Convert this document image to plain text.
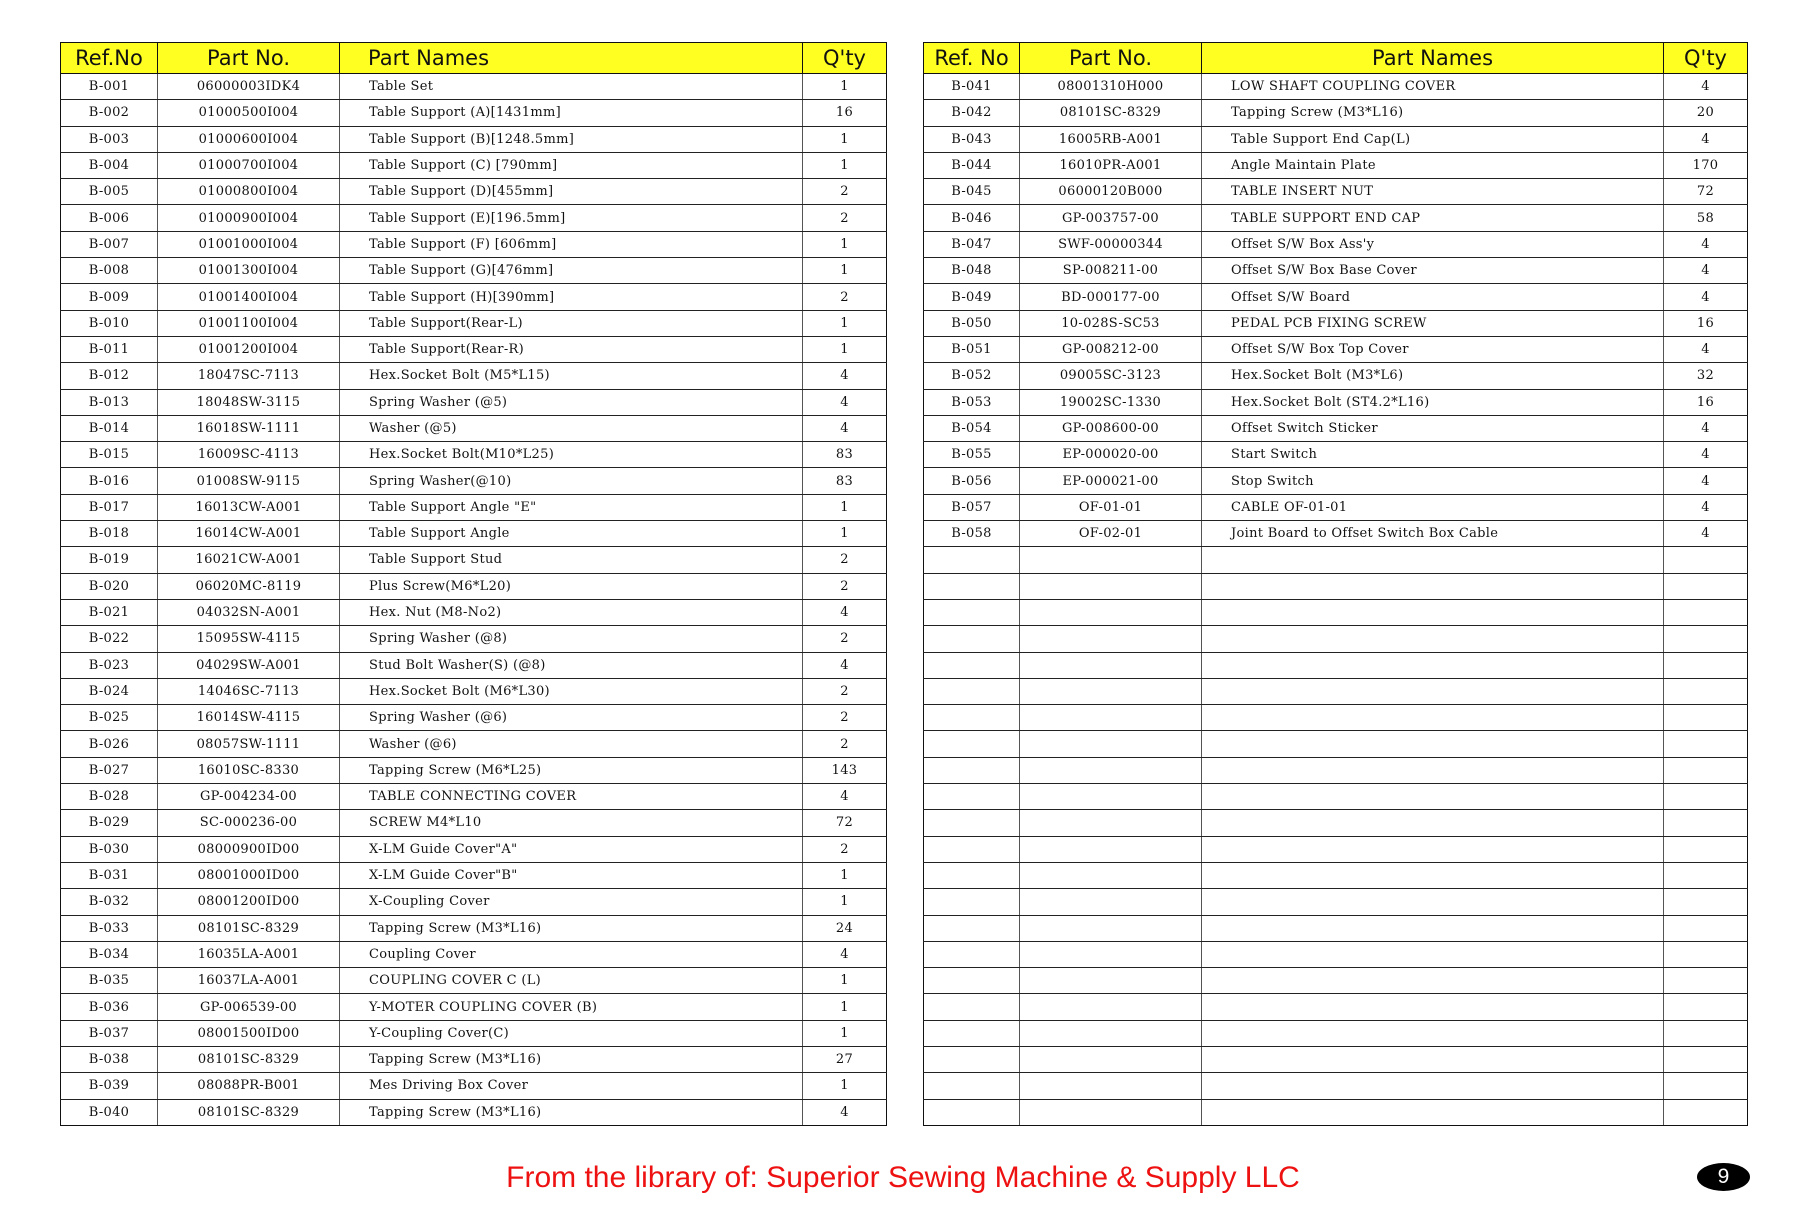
Ref.No	Part No.	Part Names	Q'ty
B-001	06000003IDK4	Table Set	1
B-002	01000500I004	Table Support (A)[1431mm]	16
B-003	01000600I004	Table Support (B)[1248.5mm]	1
B-004	01000700I004	Table Support (C) [790mm]	1
B-005	01000800I004	Table Support (D)[455mm]	2
B-006	01000900I004	Table Support (E)[196.5mm]	2
B-007	01001000I004	Table Support (F) [606mm]	1
B-008	01001300I004	Table Support (G)[476mm]	1
B-009	01001400I004	Table Support (H)[390mm]	2
B-010	01001100I004	Table Support(Rear-L)	1
B-011	01001200I004	Table Support(Rear-R)	1
B-012	18047SC-7113	Hex.Socket Bolt (M5*L15)	4
B-013	18048SW-3115	Spring Washer (@5)	4
B-014	16018SW-1111	Washer (@5)	4
B-015	16009SC-4113	Hex.Socket Bolt(M10*L25)	83
B-016	01008SW-9115	Spring Washer(@10)	83
B-017	16013CW-A001	Table Support Angle "E"	1
B-018	16014CW-A001	Table Support Angle	1
B-019	16021CW-A001	Table Support Stud	2
B-020	06020MC-8119	Plus Screw(M6*L20)	2
B-021	04032SN-A001	Hex. Nut (M8-No2)	4
B-022	15095SW-4115	Spring Washer (@8)	2
B-023	04029SW-A001	Stud Bolt Washer(S) (@8)	4
B-024	14046SC-7113	Hex.Socket Bolt (M6*L30)	2
B-025	16014SW-4115	Spring Washer (@6)	2
B-026	08057SW-1111	Washer (@6)	2
B-027	16010SC-8330	Tapping Screw (M6*L25)	143
B-028	GP-004234-00	TABLE CONNECTING COVER	4
B-029	SC-000236-00	SCREW M4*L10	72
B-030	08000900ID00	X-LM Guide Cover"A"	2
B-031	08001000ID00	X-LM Guide Cover"B"	1
B-032	08001200ID00	X-Coupling Cover	1
B-033	08101SC-8329	Tapping Screw (M3*L16)	24
B-034	16035LA-A001	Coupling Cover	4
B-035	16037LA-A001	COUPLING COVER C (L)	1
B-036	GP-006539-00	Y-MOTER COUPLING COVER (B)	1
B-037	08001500ID00	Y-Coupling Cover(C)	1
B-038	08101SC-8329	Tapping Screw (M3*L16)	27
B-039	08088PR-B001	Mes Driving Box Cover	1
B-040	08101SC-8329	Tapping Screw (M3*L16)	4
Ref. No	Part No.	Part Names	Q'ty
B-041	08001310H000	LOW SHAFT COUPLING COVER	4
B-042	08101SC-8329	Tapping Screw (M3*L16)	20
B-043	16005RB-A001	Table Support End Cap(L)	4
B-044	16010PR-A001	Angle Maintain Plate	170
B-045	06000120B000	TABLE INSERT NUT	72
B-046	GP-003757-00	TABLE SUPPORT END CAP	58
B-047	SWF-00000344	Offset S/W Box Ass'y	4
B-048	SP-008211-00	Offset S/W Box Base Cover	4
B-049	BD-000177-00	Offset S/W Board	4
B-050	10-028S-SC53	PEDAL PCB FIXING SCREW	16
B-051	GP-008212-00	Offset S/W Box Top Cover	4
B-052	09005SC-3123	Hex.Socket Bolt (M3*L6)	32
B-053	19002SC-1330	Hex.Socket Bolt (ST4.2*L16)	16
B-054	GP-008600-00	Offset Switch Sticker	4
B-055	EP-000020-00	Start Switch	4
B-056	EP-000021-00	Stop Switch	4
B-057	OF-01-01	CABLE OF-01-01	4
B-058	OF-02-01	Joint Board to Offset Switch Box Cable	4

From the library of: Superior Sewing Machine & Supply LLC	9
